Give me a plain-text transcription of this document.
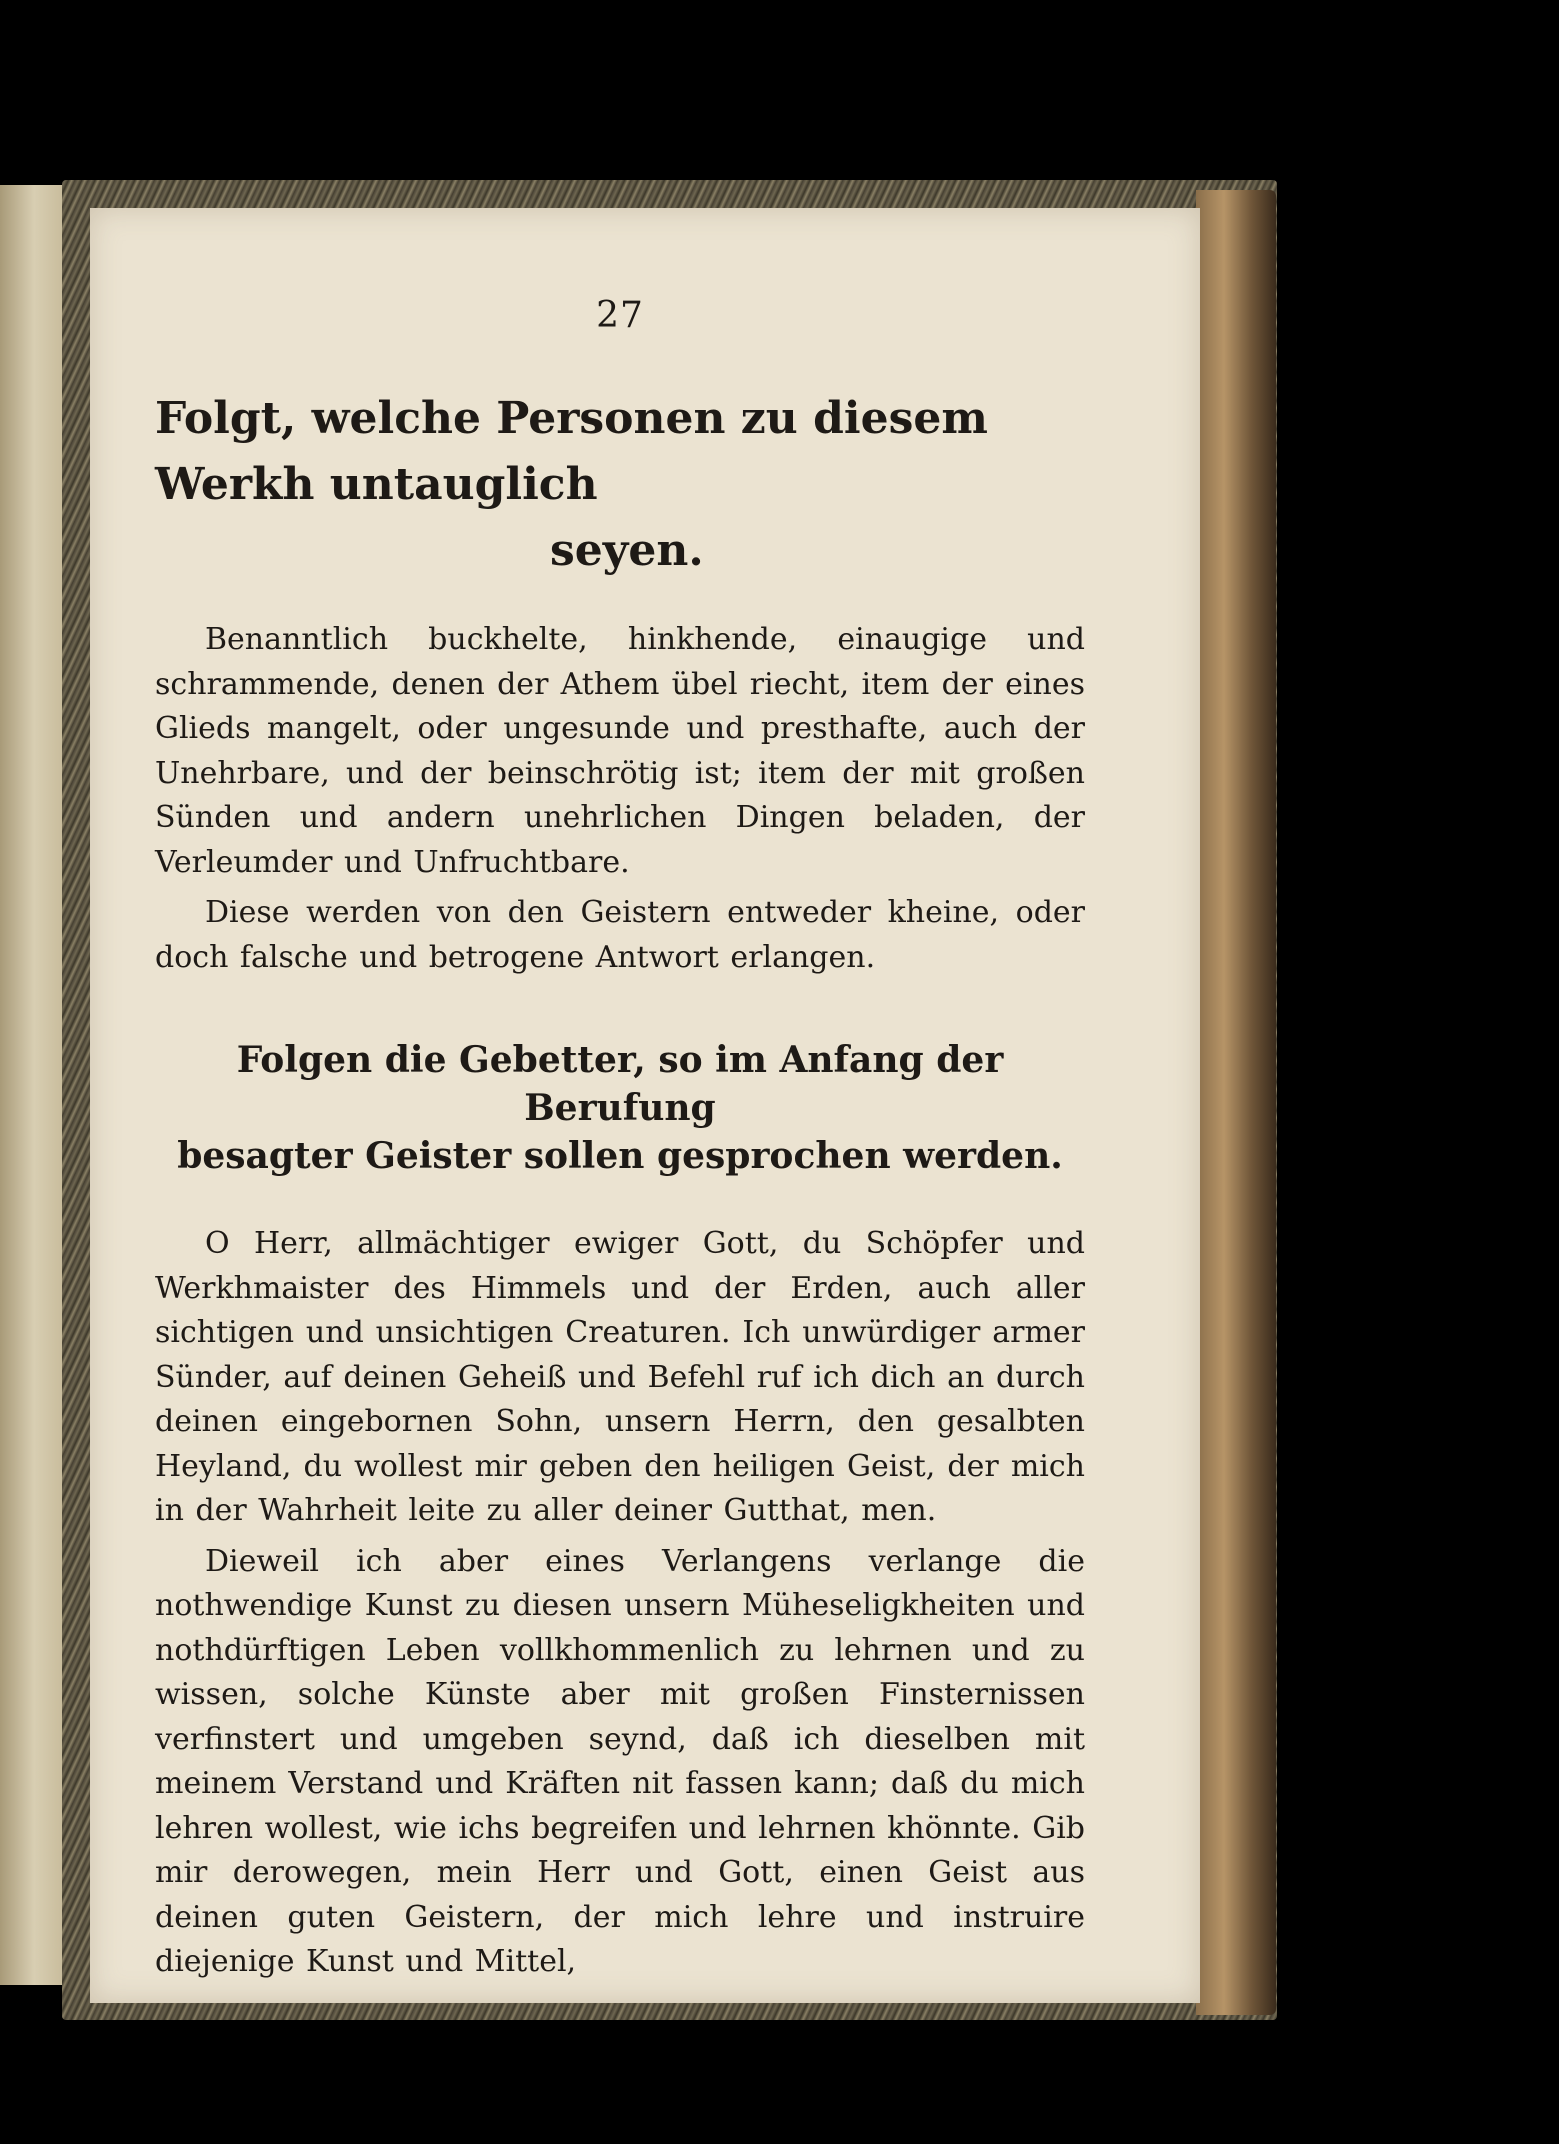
27
Folgt, welche Personen zu diesem Werkh untauglich
seyen.

Benanntlich buckhelte, hinkhende, einaugige und schrammende, denen der Athem übel riecht, item der eines Glieds mangelt, oder ungesunde und presthafte, auch der Unehrbare, und der beinschrötig ist; item der mit großen Sünden und andern unehrlichen Dingen beladen, der Verleumder und Unfruchtbare.

Diese werden von den Geistern entweder kheine, oder doch falsche und betrogene Antwort erlangen.

Folgen die Gebetter, so im Anfang der Berufung
besagter Geister sollen gesprochen werden.

O Herr, allmächtiger ewiger Gott, du Schöpfer und Werkhmaister des Himmels und der Erden, auch aller sichtigen und unsichtigen Creaturen. Ich unwürdiger armer Sünder, auf deinen Geheiß und Befehl ruf ich dich an durch deinen eingebornen Sohn, unsern Herrn, den gesalbten Heyland, du wollest mir geben den heiligen Geist, der mich in der Wahrheit leite zu aller deiner Gutthat, men.

Dieweil ich aber eines Verlangens verlange die nothwendige Kunst zu diesen unsern Müheseligkheiten und nothdürftigen Leben vollkhommenlich zu lehrnen und zu wissen, solche Künste aber mit großen Finsternissen verfinstert und umgeben seynd, daß ich dieselben mit meinem Verstand und Kräften nit fassen kann; daß du mich lehren wollest, wie ichs begreifen und lehrnen khönnte. Gib mir derowegen, mein Herr und Gott, einen Geist aus deinen guten Geistern, der mich lehre und instruire diejenige Kunst und Mittel,
